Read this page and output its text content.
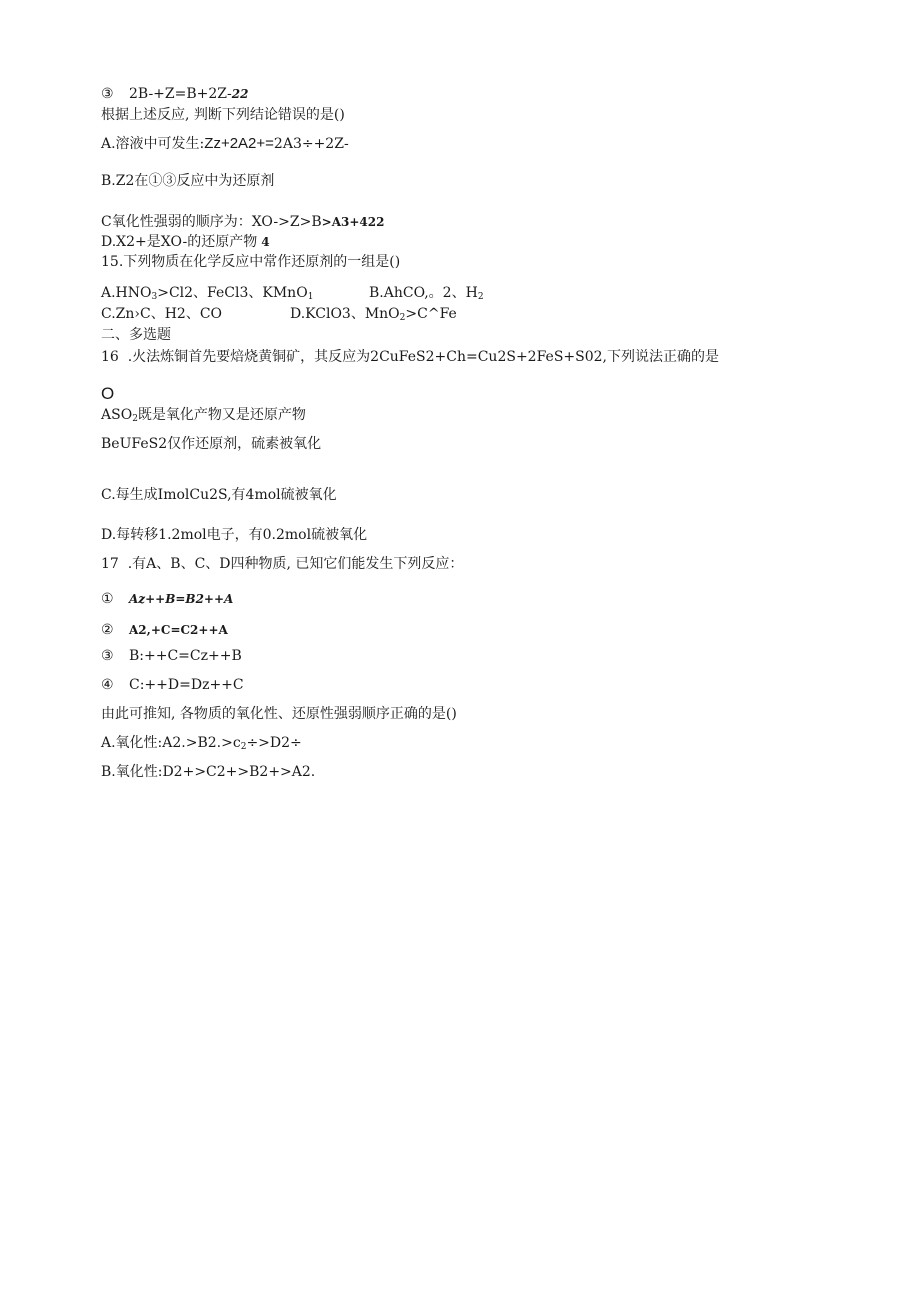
③ 2B-+Z=B+2Z-22
根据上述反应, 判断下列结论错误的是()
A.溶液中可发生:Zz+2A2+=2A3÷+2Z-
B.Z2在①③反应中为还原剂
C氧化性强弱的顺序为：XO->Z>B>A3+422
D.X2+是XO-的还原产物 4
15.下列物质在化学反应中常作还原剂的一组是()
$A.HNO_3>Cl2$、FeCl3、KMnO$_1$	B.AhCO,。2、$H_2$
C.Zn›C、H2、CO	D.KClO3、MnO$_2$>C^Fe
二、多选题
16  .火法炼铜首先要焙烧黄铜矿，其反应为2CuFeS2+Ch=Cu2S+2FeS+S02,下列说法正确的是
O
$ASO_2$既是氧化产物又是还原产物
BeUFeS2仅作还原剂，硫素被氧化
C.每生成ImolCu2S,有4mol硫被氧化
D.每转移1.2mol电子，有0.2mol硫被氧化
17  .有A、B、C、D四种物质, 已知它们能发生下列反应：
① Az++B=B2++A
② A2,+C=C2++A
③ B:++C=Cz++B
④ C:++D=Dz++C
由此可推知, 各物质的氧化性、还原性强弱顺序正确的是()
A.氧化性$:A2.>B2.>c_2\div>D2\div$
B.氧化性:D2+>C2+>B2+>A2.
